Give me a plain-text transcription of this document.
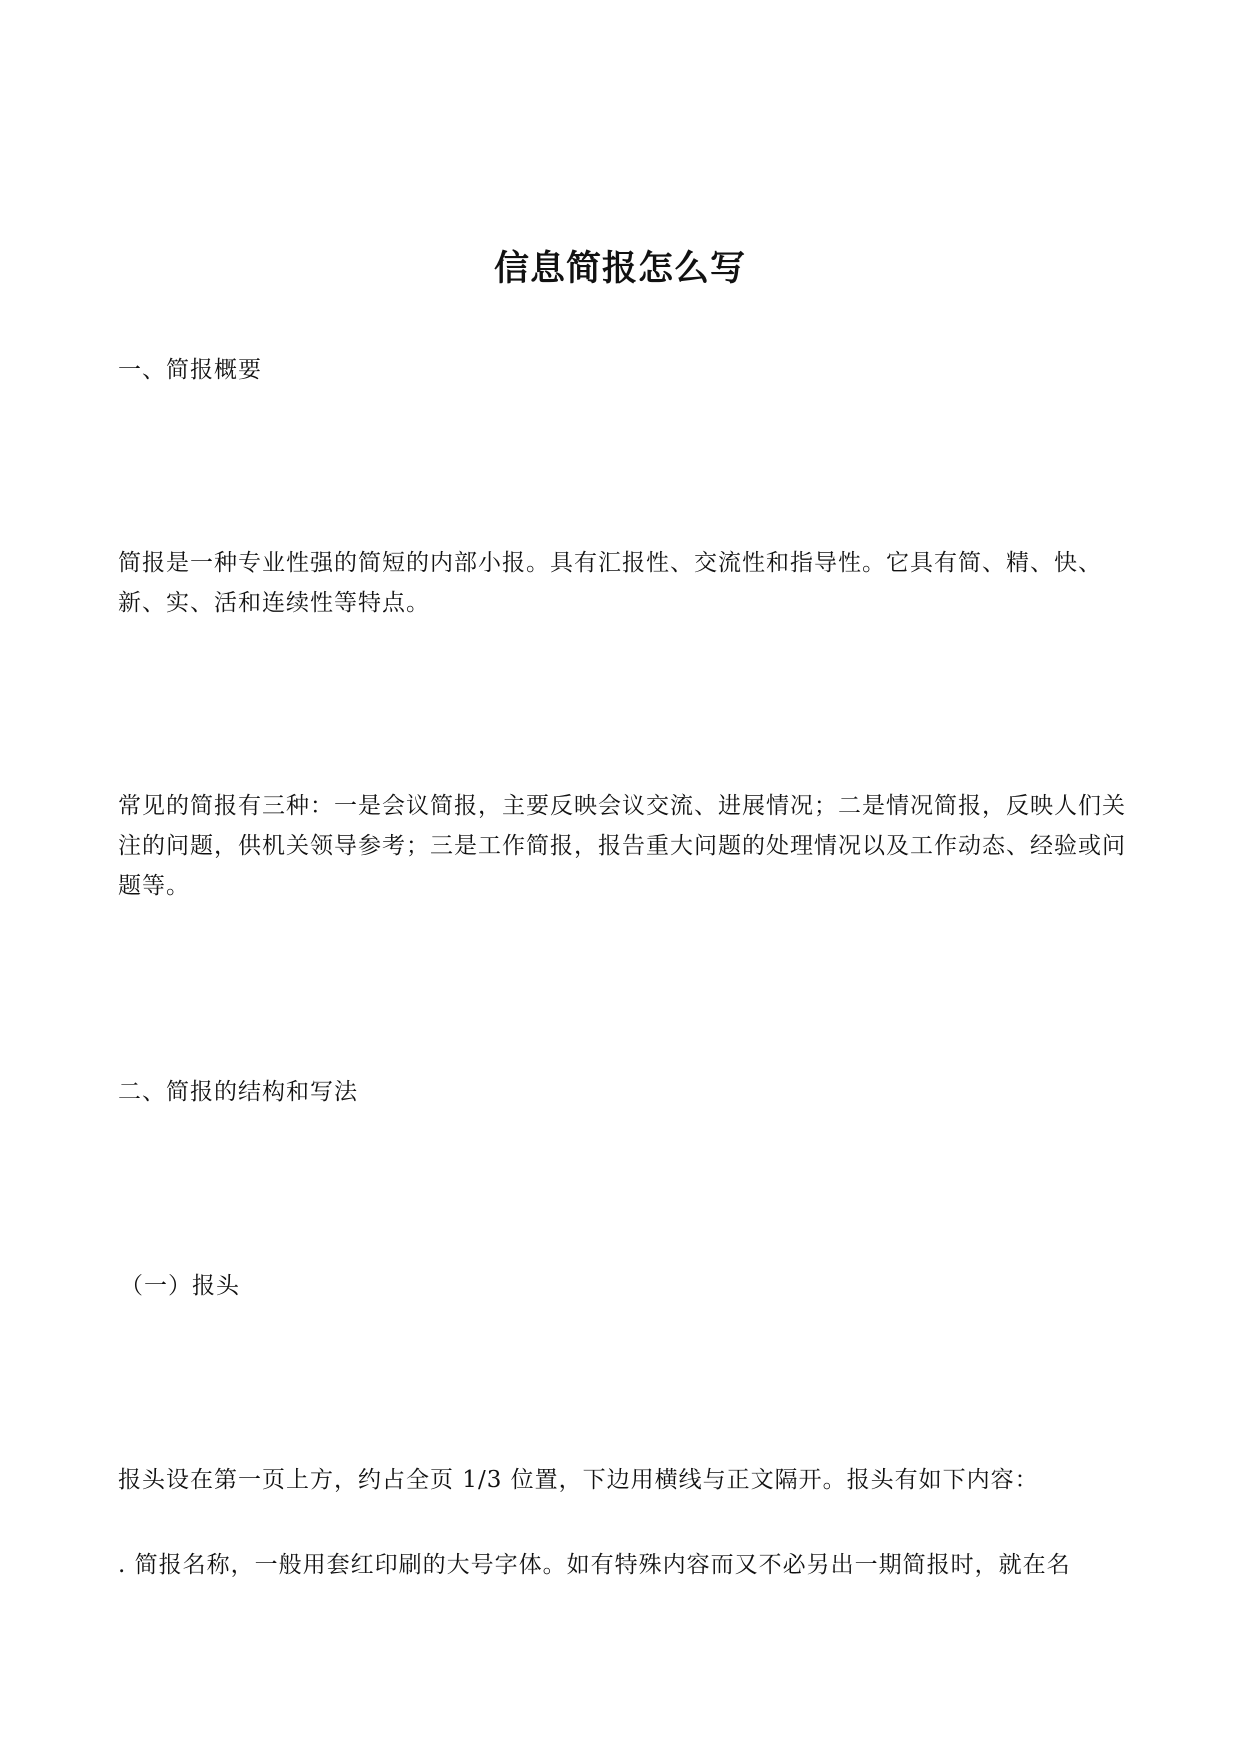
信息简报怎么写

一、简报概要

简报是一种专业性强的简短的内部小报。具有汇报性、交流性和指导性。它具有简、精、快、新、实、活和连续性等特点。

常见的简报有三种：一是会议简报，主要反映会议交流、进展情况；二是情况简报，反映人们关注的问题，供机关领导参考；三是工作简报，报告重大问题的处理情况以及工作动态、经验或问题等。

二、简报的结构和写法

（一）报头

报头设在第一页上方，约占全页 1/3 位置，下边用横线与正文隔开。报头有如下内容：

. 简报名称，一般用套红印刷的大号字体。如有特殊内容而又不必另出一期简报时，就在名
